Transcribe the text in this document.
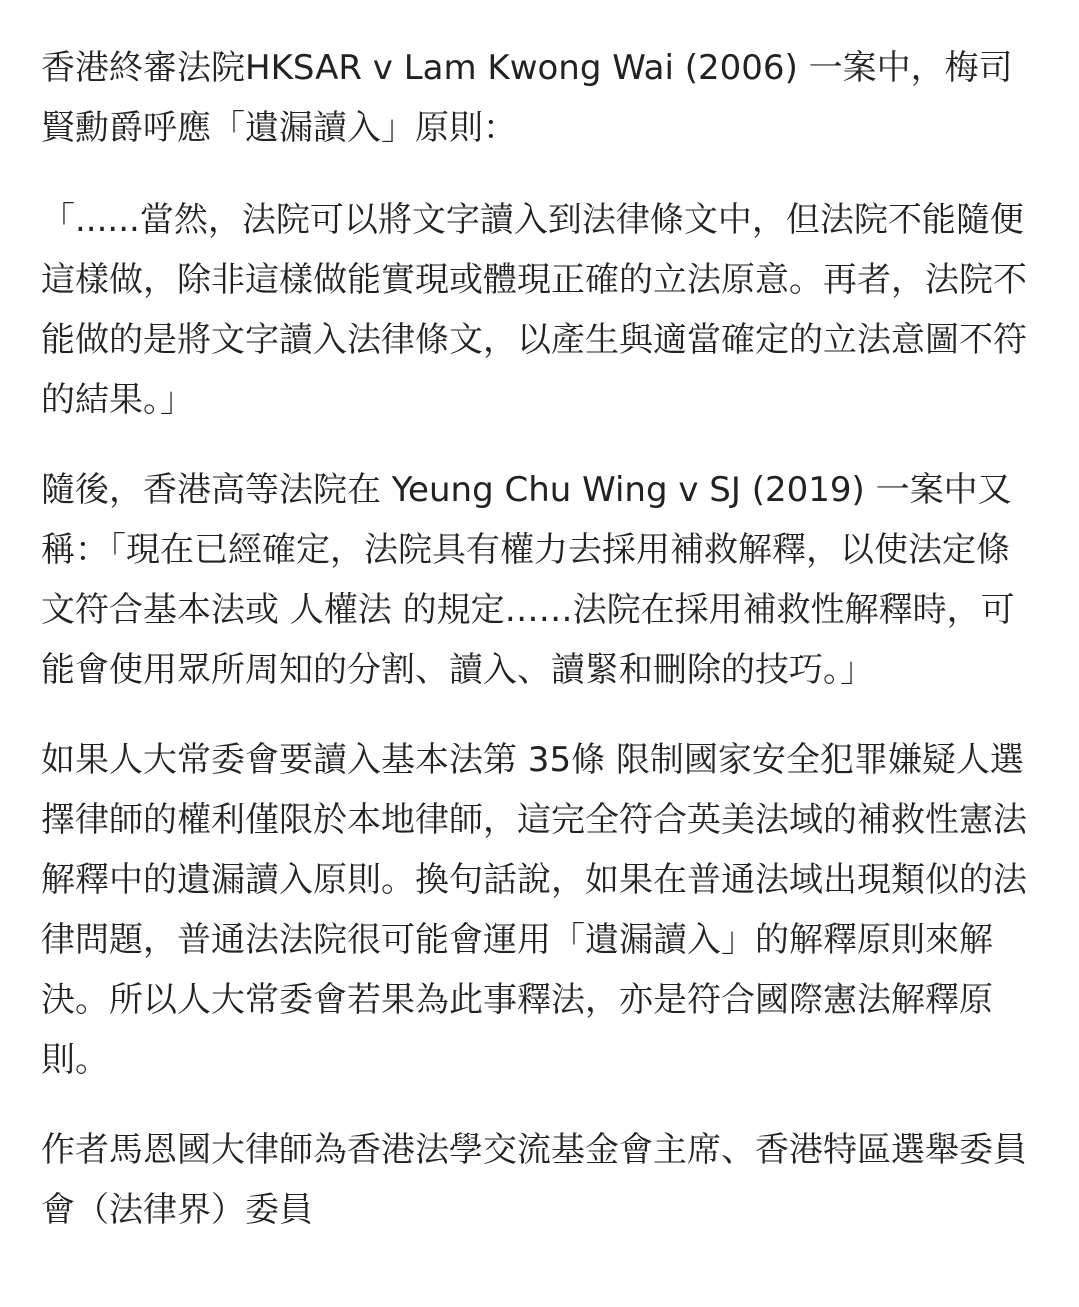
香港終審法院HKSAR v Lam Kwong Wai (2006) 一案中，梅司賢勳爵呼應「遺漏讀入」原則：

「......當然，法院可以將文字讀入到法律條文中，但法院不能隨便這樣做，除非這樣做能實現或體現正確的立法原意。再者，法院不能做的是將文字讀入法律條文，以產生與適當確定的立法意圖不符的結果。」

隨後，香港高等法院在 Yeung Chu Wing v SJ (2019) 一案中又稱：「現在已經確定，法院具有權力去採用補救解釋，以使法定條文符合基本法或 人權法 的規定……法院在採用補救性解釋時，可能會使用眾所周知的分割、讀入、讀緊和刪除的技巧。」

如果人大常委會要讀入基本法第 35條 限制國家安全犯罪嫌疑人選擇律師的權利僅限於本地律師，這完全符合英美法域的補救性憲法解釋中的遺漏讀入原則。換句話說，如果在普通法域出現類似的法律問題，普通法法院很可能會運用「遺漏讀入」的解釋原則來解決。所以人大常委會若果為此事釋法，亦是符合國際憲法解釋原則。

作者馬恩國大律師為香港法學交流基金會主席、香港特區選舉委員會（法律界）委員
